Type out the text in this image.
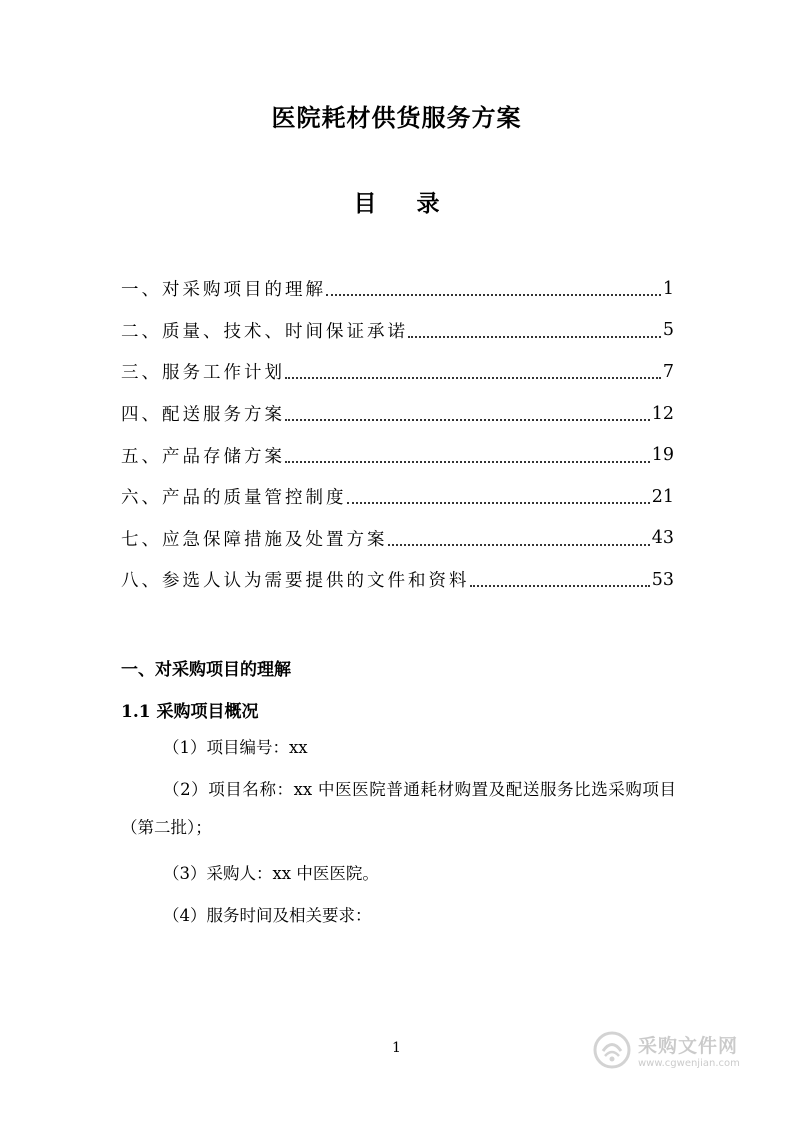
医院耗材供货服务方案
目 录
一、对采购项目的理解	1
二、质量、技术、时间保证承诺	5
三、服务工作计划	7
四、配送服务方案	12
五、产品存储方案	19
六、产品的质量管控制度	21
七、应急保障措施及处置方案	43
八、参选人认为需要提供的文件和资料	53
一、对采购项目的理解
1.1 采购项目概况
（1）项目编号：xx
（2）项目名称：xx 中医医院普通耗材购置及配送服务比选采购项目（第二批）；
（3）采购人：xx 中医医院。
（4）服务时间及相关要求：
1	采购文件网
www.cgwenjian.com
